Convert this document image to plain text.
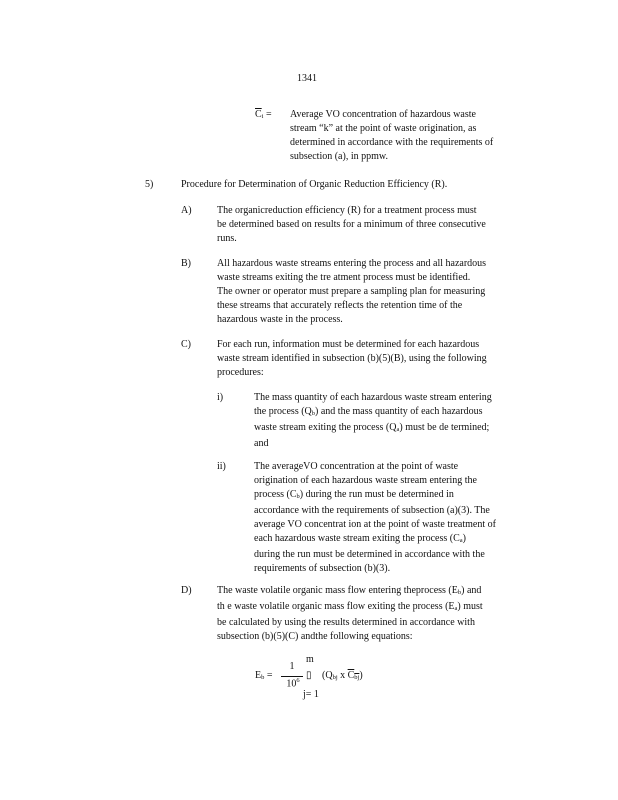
1341
$\overline{C}i$ = Average VO concentration of hazardous waste
stream “k” at the point of waste origination, as
determined in accordance with the requirements of
subsection (a), in ppmw.
5)	Procedure for Determination of Organic Reduction Efficiency (R).
A)	The organicreduction efficiency (R) for a treatment process must
be determined based on results for a minimum of three consecutive
runs.
B)	All hazardous waste streams entering the process and all hazardous
waste streams exiting the tre atment process must be identified.
The owner or operator must prepare a sampling plan for measuring
these streams that accurately reflects the retention time of the
hazardous waste in the process.
C)	For each run, information must be determined for each hazardous
waste stream identified in subsection (b)(5)(B), using the following
procedures:
i)	The mass quantity of each hazardous waste stream entering
the process (Qb) and the mass quantity of each hazardous
waste stream exiting the process (Qa) must be de termined;
and
ii)	The averageVO concentration at the point of waste
origination of each hazardous waste stream entering the
process (Cb) during the run must be determined in
accordance with the requirements of subsection (a)(3). The
average VO concentrat ion at the point of waste treatment of
each hazardous waste stream exiting the process (Ca)
during the run must be determined in accordance with the
requirements of subsection (b)(3).
D)	The waste volatile organic mass flow entering theprocess (Eb) and
th e waste volatile organic mass flow exiting the process (Ea) must
be calculated by using the results determined in accordance with
subsection (b)(5)(C) andthe following equations:
Eb =
1
$10^6$
m
▯
j= 1
(Qbj x $\overline{C}\overline{bj}$)
